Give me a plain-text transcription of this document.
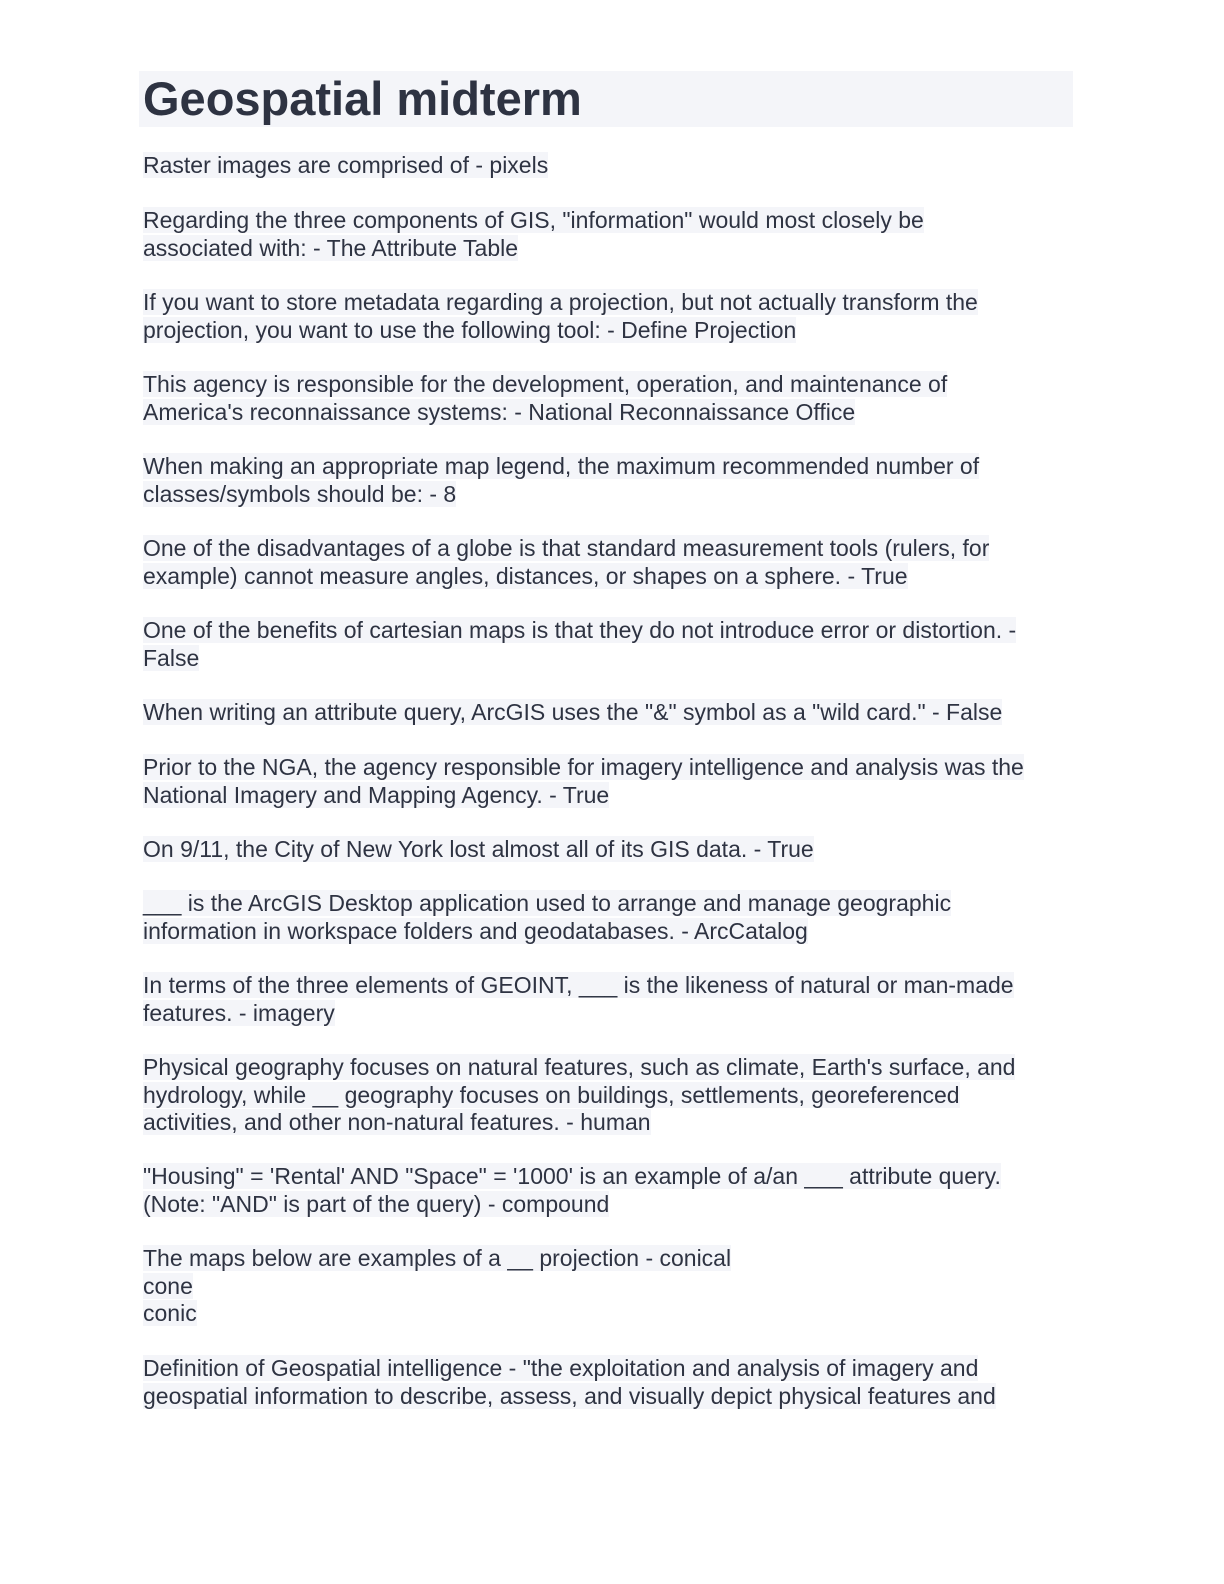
Geospatial midterm
Raster images are comprised of - pixels
Regarding the three components of GIS, "information" would most closely be
associated with: - The Attribute Table
If you want to store metadata regarding a projection, but not actually transform the
projection, you want to use the following tool: - Define Projection
This agency is responsible for the development, operation, and maintenance of
America's reconnaissance systems: - National Reconnaissance Office
When making an appropriate map legend, the maximum recommended number of
classes/symbols should be: - 8
One of the disadvantages of a globe is that standard measurement tools (rulers, for
example) cannot measure angles, distances, or shapes on a sphere. - True
One of the benefits of cartesian maps is that they do not introduce error or distortion. -
False
When writing an attribute query, ArcGIS uses the "&" symbol as a "wild card." - False
Prior to the NGA, the agency responsible for imagery intelligence and analysis was the
National Imagery and Mapping Agency. - True
On 9/11, the City of New York lost almost all of its GIS data. - True
___ is the ArcGIS Desktop application used to arrange and manage geographic
information in workspace folders and geodatabases. - ArcCatalog
In terms of the three elements of GEOINT, ___ is the likeness of natural or man-made
features. - imagery
Physical geography focuses on natural features, such as climate, Earth's surface, and
hydrology, while __ geography focuses on buildings, settlements, georeferenced
activities, and other non-natural features. - human
"Housing" = 'Rental' AND "Space" = '1000' is an example of a/an ___ attribute query.
(Note: "AND" is part of the query) - compound
The maps below are examples of a __ projection - conical
cone
conic
Definition of Geospatial intelligence - "the exploitation and analysis of imagery and
geospatial information to describe, assess, and visually depict physical features and
